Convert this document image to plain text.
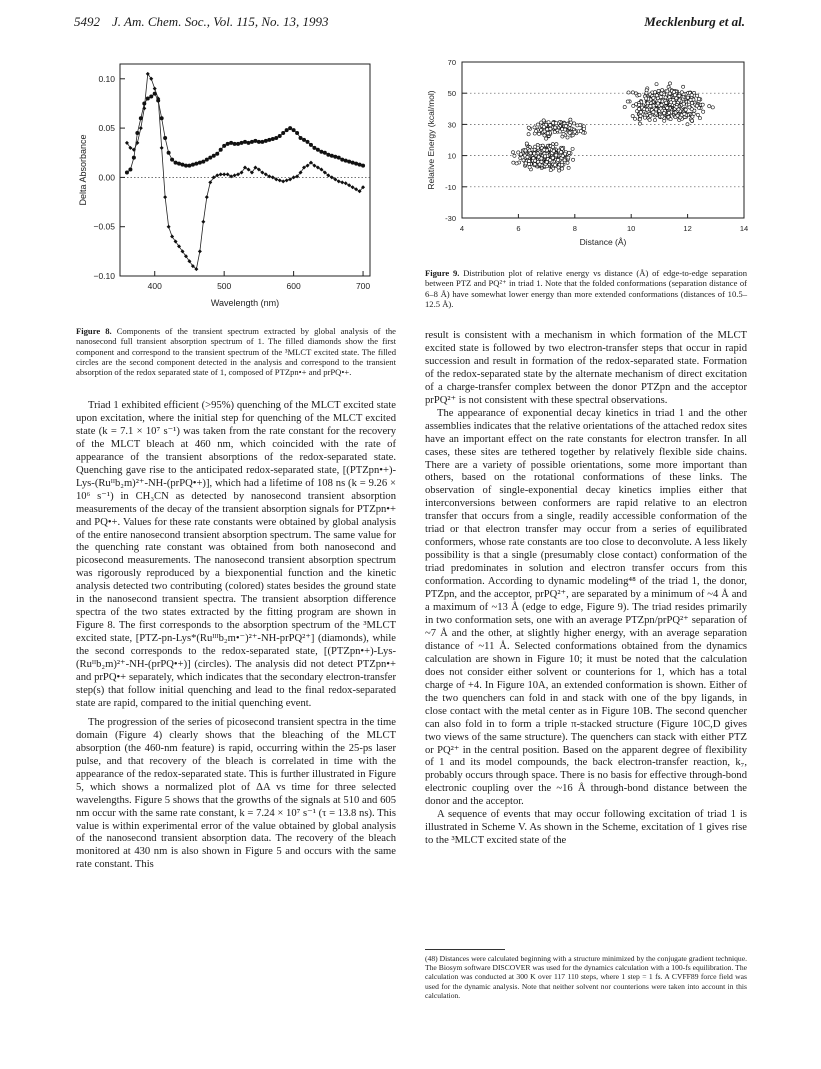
5492 J. Am. Chem. Soc., Vol. 115, No. 13, 1993	Mecklenburg et al.
400	500	600	700
−0.10
−0.05
0.00
0.05
0.10
Wavelength (nm)
Delta Absorbance
-30
-10
10
30
50
70
4	6	8	10	12	14
Distance (Å)
Relative Energy (kcal/mol)
Figure 8. Components of the transient spectrum extracted by global analysis of the nanosecond full transient absorption spectrum of 1. The filled diamonds show the first component and correspond to the transient spectrum of the ³MLCT excited state. The filled circles are the second component detected in the analysis and correspond to the transient absorption of the redox separated state of 1, composed of PTZpn•+ and prPQ•+.
Figure 9. Distribution plot of relative energy vs distance (Å) of edge-to-edge separation between PTZ and PQ²⁺ in triad 1. Note that the folded conformations (separation distance of 6–8 Å) have somewhat lower energy than more extended conformations (distances of 10.5–12.5 Å).

Triad 1 exhibited efficient (>95%) quenching of the MLCT excited state upon excitation, where the initial step for quenching of the MLCT excited state (k = 7.1 × 10⁷ s⁻¹) was taken from the rate constant for the recovery of the MLCT bleach at 460 nm, which coincided with the rate of appearance of the transient absorptions of the redox-separated state. Quenching gave rise to the anticipated redox-separated state, [(PTZpn•+)-Lys-(Ruᴵᴵb₂m)²⁺-NH-(prPQ•+)], which had a lifetime of 108 ns (k = 9.26 × 10⁶ s⁻¹) in CH₃CN as detected by nanosecond transient absorption measurements of the decay of the transient absorption signals for PTZpn•+ and PQ•+. Values for these rate constants were obtained by global analysis of the entire nanosecond transient absorption spectrum. The same value for the quenching rate constant was obtained from both nanosecond and picosecond measurements. The nanosecond transient absorption spectrum was rigorously reproduced by a biexponential function and the kinetic analysis detected two contributing (colored) states besides the ground state in the nanosecond transient spectra. The transient absorption difference spectra of the two states extracted by the fitting program are shown in Figure 8. The first corresponds to the absorption spectrum of the ³MLCT excited state, [PTZ-pn-Lys*(Ruᴵᴵᴵb₂m•⁻)²⁺-NH-prPQ²⁺] (diamonds), while the second corresponds to the redox-separated state, [(PTZpn•+)-Lys-(Ruᴵᴵb₂m)²⁺-NH-(prPQ•+)] (circles). The analysis did not detect PTZpn•+ and prPQ•+ separately, which indicates that the secondary electron-transfer step(s) that follow initial quenching and lead to the final redox-separated state are rapid, compared to the initial quenching event.

The progression of the series of picosecond transient spectra in the time domain (Figure 4) clearly shows that the bleaching of the MLCT absorption (the 460-nm feature) is rapid, occurring within the 25-ps laser pulse, and that recovery of the bleach is correlated in time with the appearance of the redox-separated state. This is further illustrated in Figure 5, which shows a normalized plot of ΔA vs time for three selected wavelengths. Figure 5 shows that the growths of the signals at 510 and 605 nm occur with the same rate constant, k = 7.24 × 10⁷ s⁻¹ (τ = 13.8 ns). This value is within experimental error of the value obtained by global analysis of the nanosecond transient absorption data. The recovery of the bleach monitored at 430 nm is also shown in Figure 5 and occurs with the same rate constant. This

result is consistent with a mechanism in which formation of the MLCT excited state is followed by two electron-transfer steps that occur in rapid succession and result in formation of the redox-separated state. Formation of the redox-separated state by the alternate mechanism of direct excitation of a charge-transfer complex between the donor PTZpn and the acceptor prPQ²⁺ is not consistent with these spectral observations.

The appearance of exponential decay kinetics in triad 1 and the other assemblies indicates that the relative orientations of the attached redox sites have an important effect on the rate constants for electron transfer. In all cases, these sites are tethered together by relatively flexible side chains. There are a variety of possible orientations, some more important than others, based on the rotational conformations of these links. The observation of single-exponential decay kinetics implies either that interconversions between conformers are rapid relative to an electron transfer that occurs from a single, readily accessible conformation of the triad or that electron transfer may occur from a series of equilibrated conformers, whose rate constants are too close to deconvolute. A less likely possibility is that a single (presumably close contact) conformation of the triad predominates in solution and electron transfer occurs from this conformation. According to dynamic modeling⁴⁸ of the triad 1, the donor, PTZpn, and the acceptor, prPQ²⁺, are separated by a minimum of ~4 Å and a maximum of ~13 Å (edge to edge, Figure 9). The triad resides primarily in two conformation sets, one with an average PTZpn/prPQ²⁺ separation of ~7 Å and the other, at slightly higher energy, with an average separation distance of ~11 Å. Selected conformations obtained from the dynamics calculation are shown in Figure 10; it must be noted that the calculation does not consider either solvent or counterions for 1, which has a total charge of +4. In Figure 10A, an extended conformation is shown. Either of the two quenchers can fold in and stack with one of the bpy ligands, in close contact with the metal center as in Figure 10B. The second quencher can also fold in to form a triple π-stacked structure (Figure 10C,D gives two views of the same structure). The quenchers can stack with either PTZ or PQ²⁺ in the central position. Based on the apparent degree of flexibility of 1 and its model compounds, the back electron-transfer reaction, k₇, probably occurs through space. There is no basis for effective through-bond electronic coupling over the ~16 Å through-bond distance between the donor and the acceptor.

A sequence of events that may occur following excitation of triad 1 is illustrated in Scheme V. As shown in the Scheme, excitation of 1 gives rise to the ³MLCT excited state of the

(48) Distances were calculated beginning with a structure minimized by the conjugate gradient technique. The Biosym software DISCOVER was used for the dynamics calculation with a 100-fs equilibration. The calculation was conducted at 300 K over 117 110 steps, where 1 step = 1 fs. A CVFF89 force field was used for the dynamic analysis. Note that neither solvent nor counterions were taken into account in this calculation.
